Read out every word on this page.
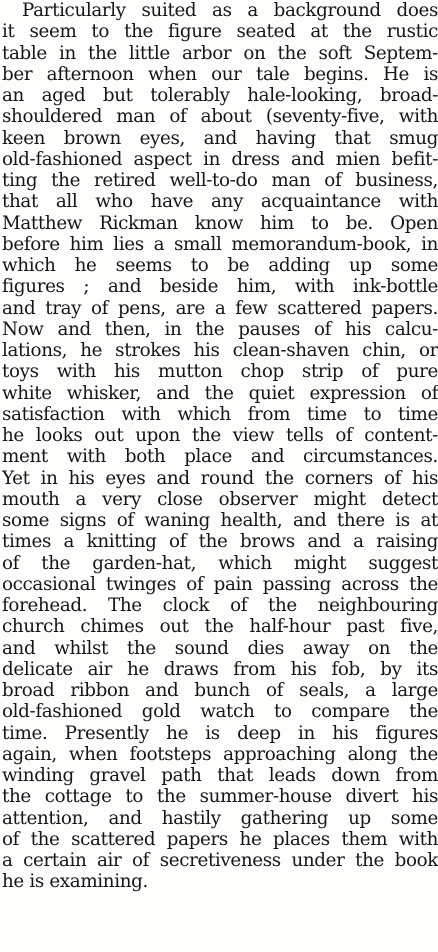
Particularly suited as a background does
it seem to the figure seated at the rustic
table in the little arbor on the soft Septem-
ber afternoon when our tale begins. He is
an aged but tolerably hale-looking, broad-
shouldered man of about (seventy-five, with
keen brown eyes, and having that smug
old-fashioned aspect in dress and mien befit-
ting the retired well-to-do man of business,
that all who have any acquaintance with
Matthew Rickman know him to be. Open
before him lies a small memorandum-book, in
which he seems to be adding up some
figures ; and beside him, with ink-bottle
and tray of pens, are a few scattered papers.
Now and then, in the pauses of his calcu-
lations, he strokes his clean-shaven chin, or
toys with his mutton chop strip of pure
white whisker, and the quiet expression of
satisfaction with which from time to time
he looks out upon the view tells of content-
ment with both place and circumstances.
Yet in his eyes and round the corners of his
mouth a very close observer might detect
some signs of waning health, and there is at
times a knitting of the brows and a raising
of the garden-hat, which might suggest
occasional twinges of pain passing across the
forehead. The clock of the neighbouring
church chimes out the half-hour past five,
and whilst the sound dies away on the
delicate air he draws from his fob, by its
broad ribbon and bunch of seals, a large
old-fashioned gold watch to compare the
time. Presently he is deep in his figures
again, when footsteps approaching along the
winding gravel path that leads down from
the cottage to the summer-house divert his
attention, and hastily gathering up some
of the scattered papers he places them with
a certain air of secretiveness under the book
he is examining.
